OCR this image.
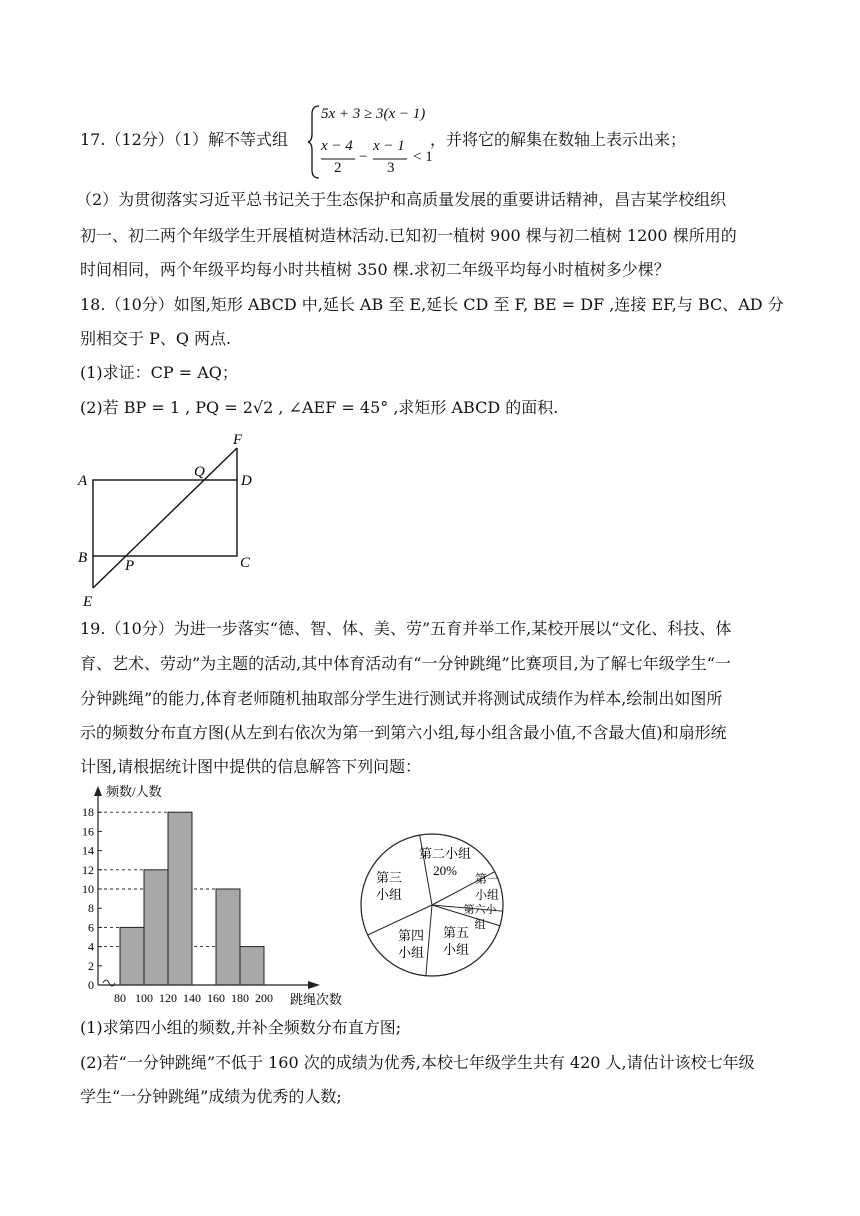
17.（12分）（1）解不等式组
5x + 3 ≥ 3(x − 1)
x − 4
2
−
x − 1
3
< 1
，并将它的解集在数轴上表示出来；
（2）为贯彻落实习近平总书记关于生态保护和高质量发展的重要讲话精神，昌吉某学校组织
初一、初二两个年级学生开展植树造林活动.已知初一植树 900 棵与初二植树 1200 棵所用的
时间相同，两个年级平均每小时共植树 350 棵.求初二年级平均每小时植树多少棵？
18.（10分）如图,矩形 ABCD 中,延长 AB 至 E,延长 CD 至 F, BE = DF ,连接 EF,与 BC、AD 分
别相交于 P、Q 两点.
(1)求证：CP = AQ；
(2)若 BP = 1 , PQ = 2√2 , ∠AEF = 45° ,求矩形 ABCD 的面积.
A
B	C
D
E
F
P
Q
19.（10分）为进一步落实“德、智、体、美、劳”五育并举工作,某校开展以“文化、科技、体
育、艺术、劳动”为主题的活动,其中体育活动有“一分钟跳绳”比赛项目,为了解七年级学生“一
分钟跳绳”的能力,体育老师随机抽取部分学生进行测试并将测试成绩作为样本,绘制出如图所
示的频数分布直方图(从左到右依次为第一到第六小组,每小组含最小值,不含最大值)和扇形统
计图,请根据统计图中提供的信息解答下列问题：
0
2
4
6
8
10
12
14
16
18
80 100 120 140 160 180 200
频数/人数
跳绳次数
第二小组 20%
第一小组
第六小组
第五小组
第四小组
第三小组
(1)求第四小组的频数,并补全频数分布直方图;
(2)若“一分钟跳绳”不低于 160 次的成绩为优秀,本校七年级学生共有 420 人,请估计该校七年级
学生“一分钟跳绳”成绩为优秀的人数;
